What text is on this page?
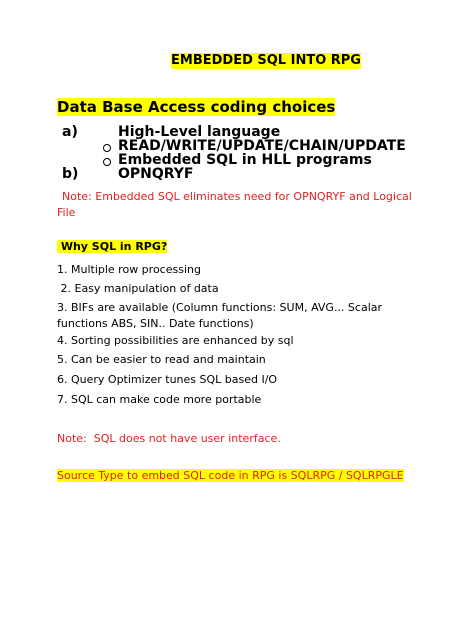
EMBEDDED SQL INTO RPG
Data Base Access coding choices
a)	High-Level language
READ/WRITE/UPDATE/CHAIN/UPDATE
Embedded SQL in HLL programs
b)	OPNQRYF
Note: Embedded SQL eliminates need for OPNQRYF and Logical File
Why SQL in RPG?
1. Multiple row processing
2. Easy manipulation of data
3. BIFs are available (Column functions: SUM, AVG... Scalar functions ABS, SIN.. Date functions)
4. Sorting possibilities are enhanced by sql
5. Can be easier to read and maintain
6. Query Optimizer tunes SQL based I/O
7. SQL can make code more portable
Note:  SQL does not have user interface.
Source Type to embed SQL code in RPG is SQLRPG / SQLRPGLE
